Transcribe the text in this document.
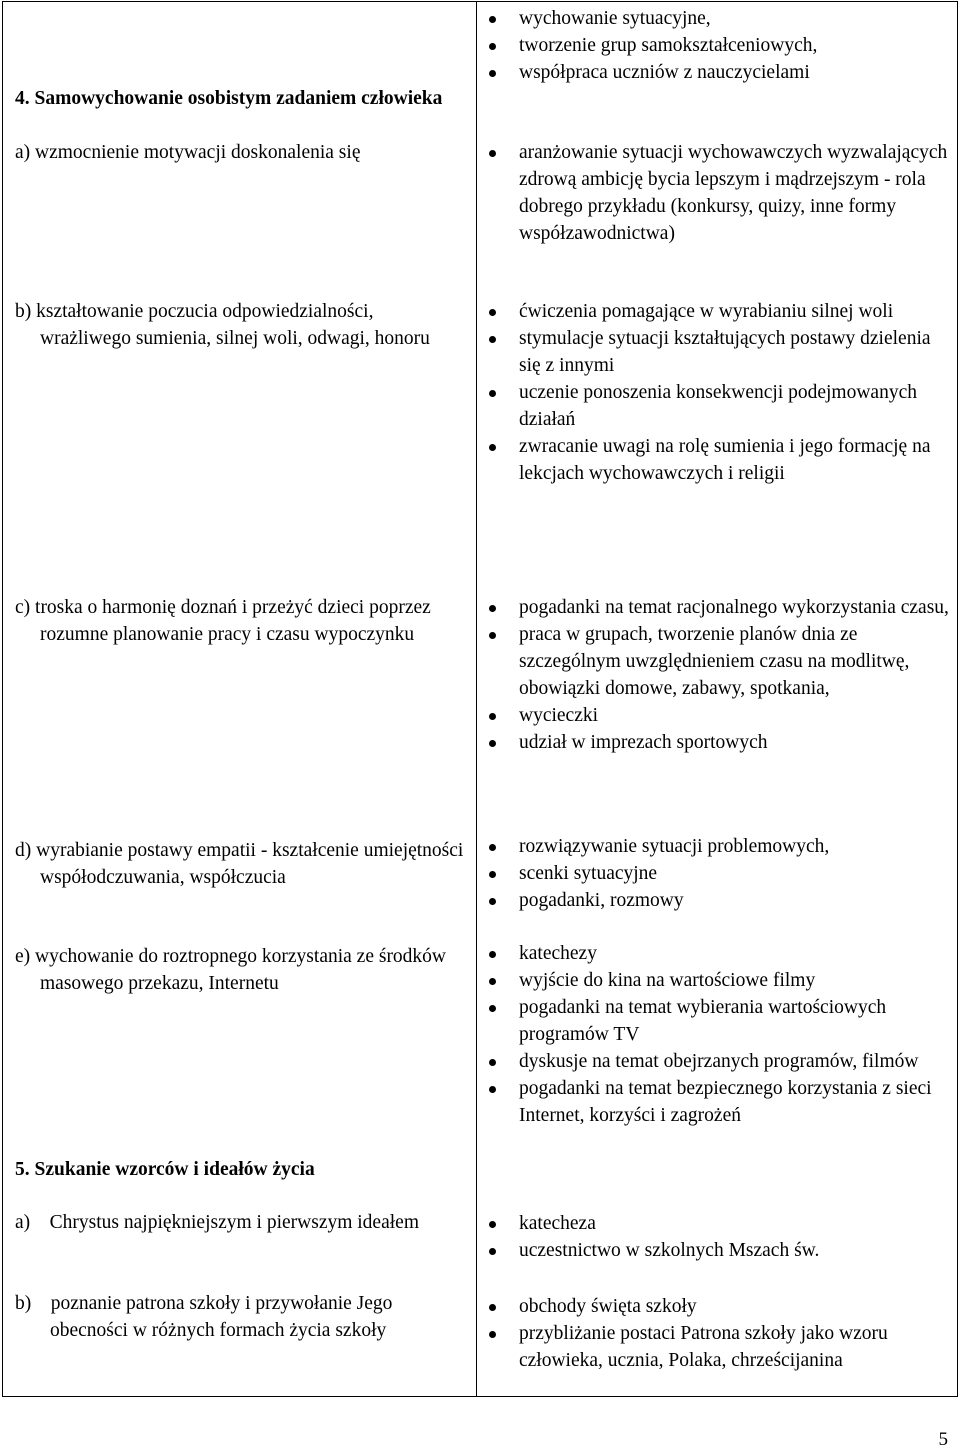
4. Samowychowanie osobistym zadaniem człowieka

a) wzmocnienie motywacji doskonalenia się

b) kształtowanie poczucia odpowiedzialności, wrażliwego sumienia, silnej woli, odwagi, honoru

c) troska o harmonię doznań i przeżyć dzieci poprzez rozumne planowanie pracy i czasu wypoczynku

d) wyrabianie postawy empatii - kształcenie umiejętności współodczuwania, współczucia

e) wychowanie do roztropnego korzystania ze środków masowego przekazu, Internetu

5. Szukanie wzorców i ideałów życia

a) Chrystus najpiękniejszym i pierwszym ideałem

b) poznanie patrona szkoły i przywołanie Jego obecności w różnych formach życia szkoły

wychowanie sytuacyjne,
tworzenie grup samokształceniowych,
współpraca uczniów z nauczycielami
aranżowanie sytuacji wychowawczych wyzwalających zdrową ambicję bycia lepszym i mądrzejszym - rola dobrego przykładu (konkursy, quizy, inne formy współzawodnictwa)
ćwiczenia pomagające w wyrabianiu silnej woli
stymulacje sytuacji kształtujących postawy dzielenia się z innymi
uczenie ponoszenia konsekwencji podejmowanych działań
zwracanie uwagi na rolę sumienia i jego formację na lekcjach wychowawczych i religii
pogadanki na temat racjonalnego wykorzystania czasu,
praca w grupach, tworzenie planów dnia ze szczególnym uwzględnieniem czasu na modlitwę, obowiązki domowe, zabawy, spotkania,
wycieczki
udział w imprezach sportowych
rozwiązywanie sytuacji problemowych,
scenki sytuacyjne
pogadanki, rozmowy
katechezy
wyjście do kina na wartościowe filmy
pogadanki na temat wybierania wartościowych programów TV
dyskusje na temat obejrzanych programów, filmów
pogadanki na temat bezpiecznego korzystania z sieci Internet, korzyści i zagrożeń
katecheza
uczestnictwo w szkolnych Mszach św.
obchody święta szkoły
przybliżanie postaci Patrona szkoły jako wzoru człowieka, ucznia, Polaka, chrześcijanina
5
